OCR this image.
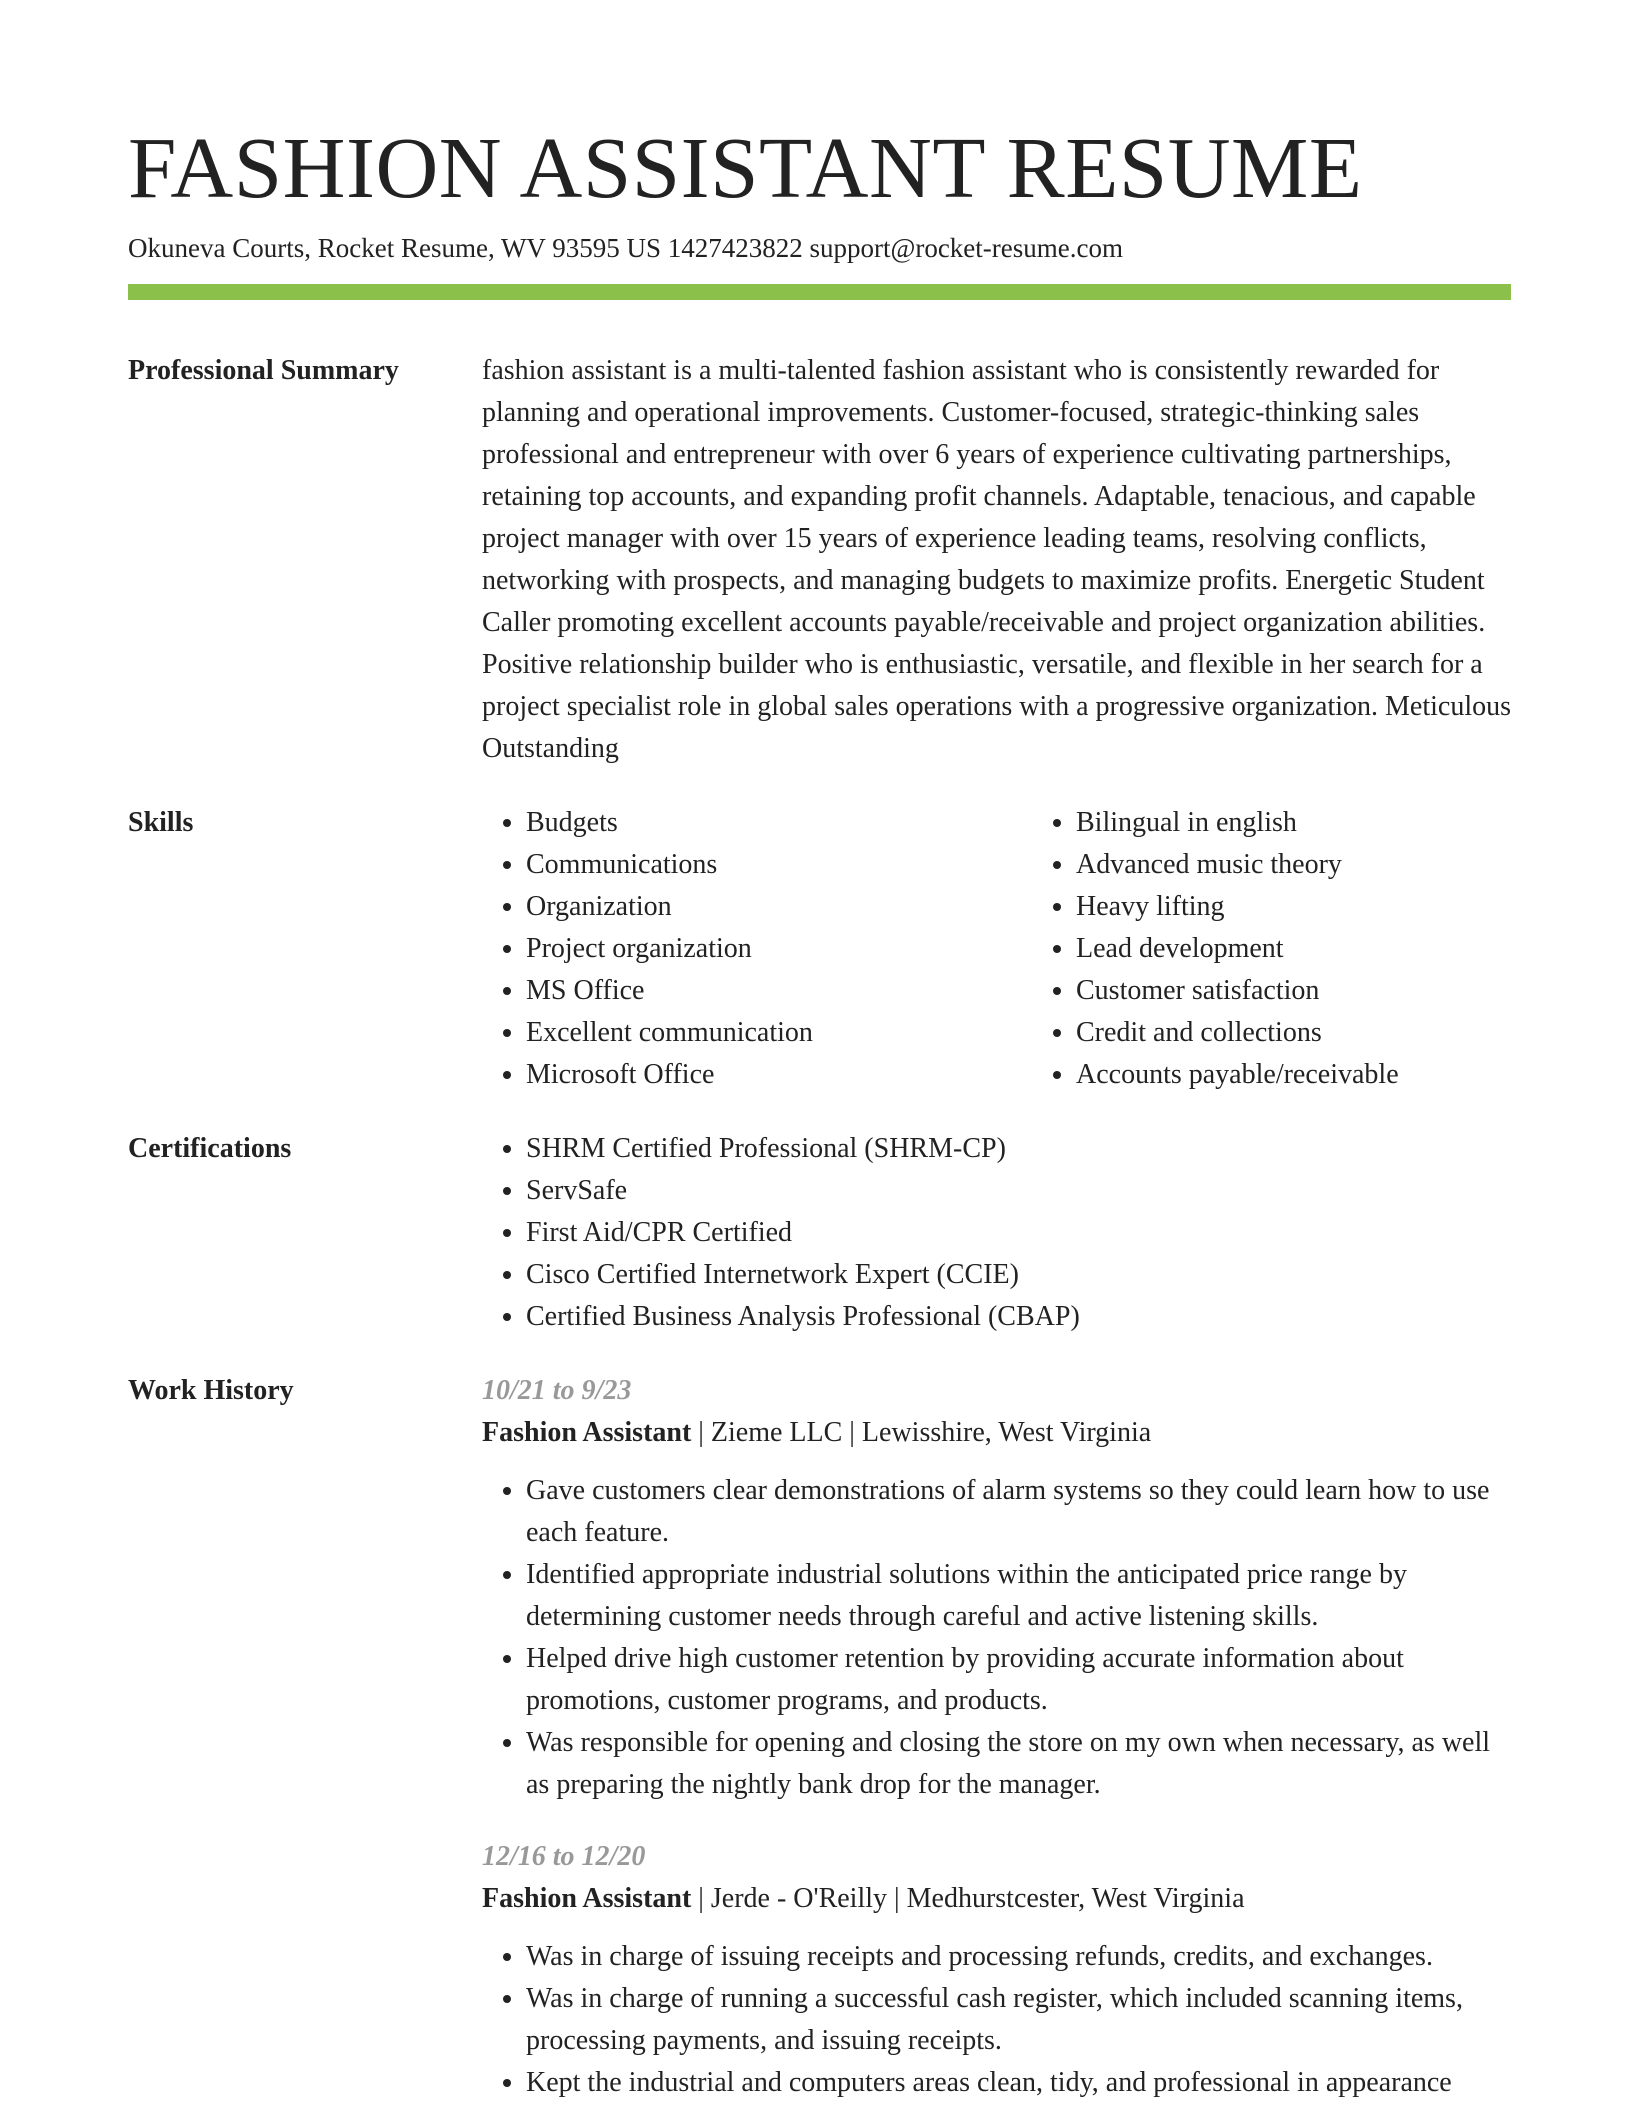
FASHION ASSISTANT RESUME
Okuneva Courts, Rocket Resume, WV 93595 US 1427423822 support@rocket-resume.com
Professional Summary	fashion assistant is a multi-talented fashion assistant who is consistently rewarded for planning and operational improvements. Customer-focused, strategic-thinking sales professional and entrepreneur with over 6 years of experience cultivating partnerships, retaining top accounts, and expanding profit channels. Adaptable, tenacious, and capable project manager with over 15 years of experience leading teams, resolving conflicts, networking with prospects, and managing budgets to maximize profits. Energetic Student Caller promoting excellent accounts payable/receivable and project organization abilities. Positive relationship builder who is enthusiastic, versatile, and flexible in her search for a project specialist role in global sales operations with a progressive organization. Meticulous Outstanding
Skills	• Budgets
• Communications
• Organization
• Project organization
• MS Office
• Excellent communication
• Microsoft Office
• Bilingual in english
• Advanced music theory
• Heavy lifting
• Lead development
• Customer satisfaction
• Credit and collections
• Accounts payable/receivable
Certifications	• SHRM Certified Professional (SHRM-CP)
• ServSafe
• First Aid/CPR Certified
• Cisco Certified Internetwork Expert (CCIE)
• Certified Business Analysis Professional (CBAP)
Work History	10/21 to 9/23
Fashion Assistant | Zieme LLC | Lewisshire, West Virginia
• Gave customers clear demonstrations of alarm systems so they could learn how to use each feature.
• Identified appropriate industrial solutions within the anticipated price range by determining customer needs through careful and active listening skills.
• Helped drive high customer retention by providing accurate information about promotions, customer programs, and products.
• Was responsible for opening and closing the store on my own when necessary, as well as preparing the nightly bank drop for the manager.
12/16 to 12/20
Fashion Assistant | Jerde - O'Reilly | Medhurstcester, West Virginia
• Was in charge of issuing receipts and processing refunds, credits, and exchanges.
• Was in charge of running a successful cash register, which included scanning items, processing payments, and issuing receipts.
• Kept the industrial and computers areas clean, tidy, and professional in appearance
